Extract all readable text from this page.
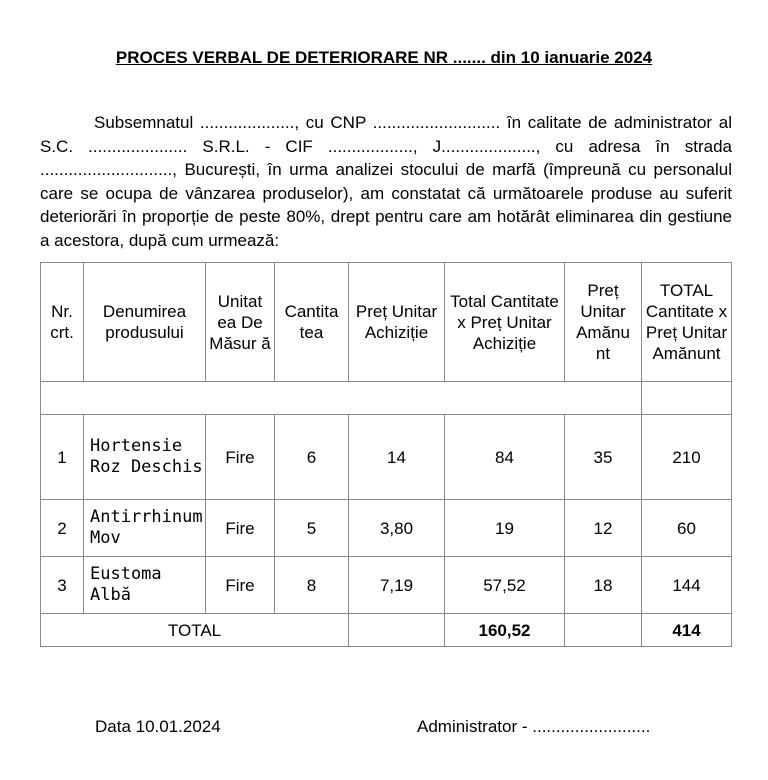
PROCES VERBAL DE DETERIORARE NR ....... din 10 ianuarie 2024

Subsemnatul ...................., cu CNP ........................... în calitate de administrator al S.C. ..................... S.R.L. - CIF .................., J...................., cu adresa în strada ............................, București, în urma analizei stocului de marfă (împreună cu personalul care se ocupa de vânzarea produselor), am constatat că următoarele produse au suferit deteriorări în proporție de peste 80%, drept pentru care am hotărât eliminarea din gestiune a acestora, după cum urmează:

Nr. crt.	Denumirea produsului	Unitat ea De Măsur ă	Cantita tea	Preț Unitar Achiziție	Total Cantitate x Preț Unitar Achiziție	Preț Unitar Amănu nt	TOTAL Cantitate x Preț Unitar Amănunt

1	Hortensie Roz Deschis	Fire	6	14	84	35	210
2	Antirrhinum Mov	Fire	5	3,80	19	12	60
3	Eustoma Albă	Fire	8	7,19	57,52	18	144
TOTAL					160,52		414
Data 10.01.2024	Administrator - .........................
